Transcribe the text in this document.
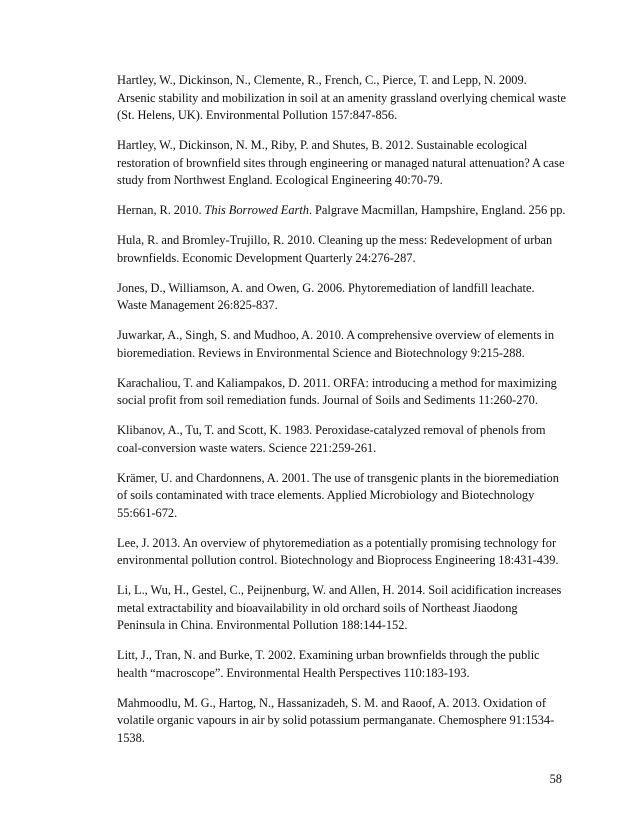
Hartley, W., Dickinson, N., Clemente, R., French, C., Pierce, T. and Lepp, N. 2009. Arsenic stability and mobilization in soil at an amenity grassland overlying chemical waste (St. Helens, UK). Environmental Pollution 157:847-856.

Hartley, W., Dickinson, N. M., Riby, P. and Shutes, B. 2012. Sustainable ecological restoration of brownfield sites through engineering or managed natural attenuation? A case study from Northwest England. Ecological Engineering 40:70-79.

Hernan, R. 2010. This Borrowed Earth. Palgrave Macmillan, Hampshire, England. 256 pp.

Hula, R. and Bromley-Trujillo, R. 2010. Cleaning up the mess: Redevelopment of urban brownfields. Economic Development Quarterly 24:276-287.

Jones, D., Williamson, A. and Owen, G. 2006. Phytoremediation of landfill leachate. Waste Management 26:825-837.

Juwarkar, A., Singh, S. and Mudhoo, A. 2010. A comprehensive overview of elements in bioremediation. Reviews in Environmental Science and Biotechnology 9:215-288.

Karachaliou, T. and Kaliampakos, D. 2011. ORFA: introducing a method for maximizing social profit from soil remediation funds. Journal of Soils and Sediments 11:260-270.

Klibanov, A., Tu, T. and Scott, K. 1983. Peroxidase-catalyzed removal of phenols from coal-conversion waste waters. Science 221:259-261.

Krämer, U. and Chardonnens, A. 2001. The use of transgenic plants in the bioremediation of soils contaminated with trace elements. Applied Microbiology and Biotechnology 55:661-672.

Lee, J. 2013. An overview of phytoremediation as a potentially promising technology for environmental pollution control. Biotechnology and Bioprocess Engineering 18:431-439.

Li, L., Wu, H., Gestel, C., Peijnenburg, W. and Allen, H. 2014. Soil acidification increases metal extractability and bioavailability in old orchard soils of Northeast Jiaodong Peninsula in China. Environmental Pollution 188:144-152.

Litt, J., Tran, N. and Burke, T. 2002. Examining urban brownfields through the public health “macroscope”. Environmental Health Perspectives 110:183-193.

Mahmoodlu, M. G., Hartog, N., Hassanizadeh, S. M. and Raoof, A. 2013. Oxidation of volatile organic vapours in air by solid potassium permanganate. Chemosphere 91:1534-1538.

58
